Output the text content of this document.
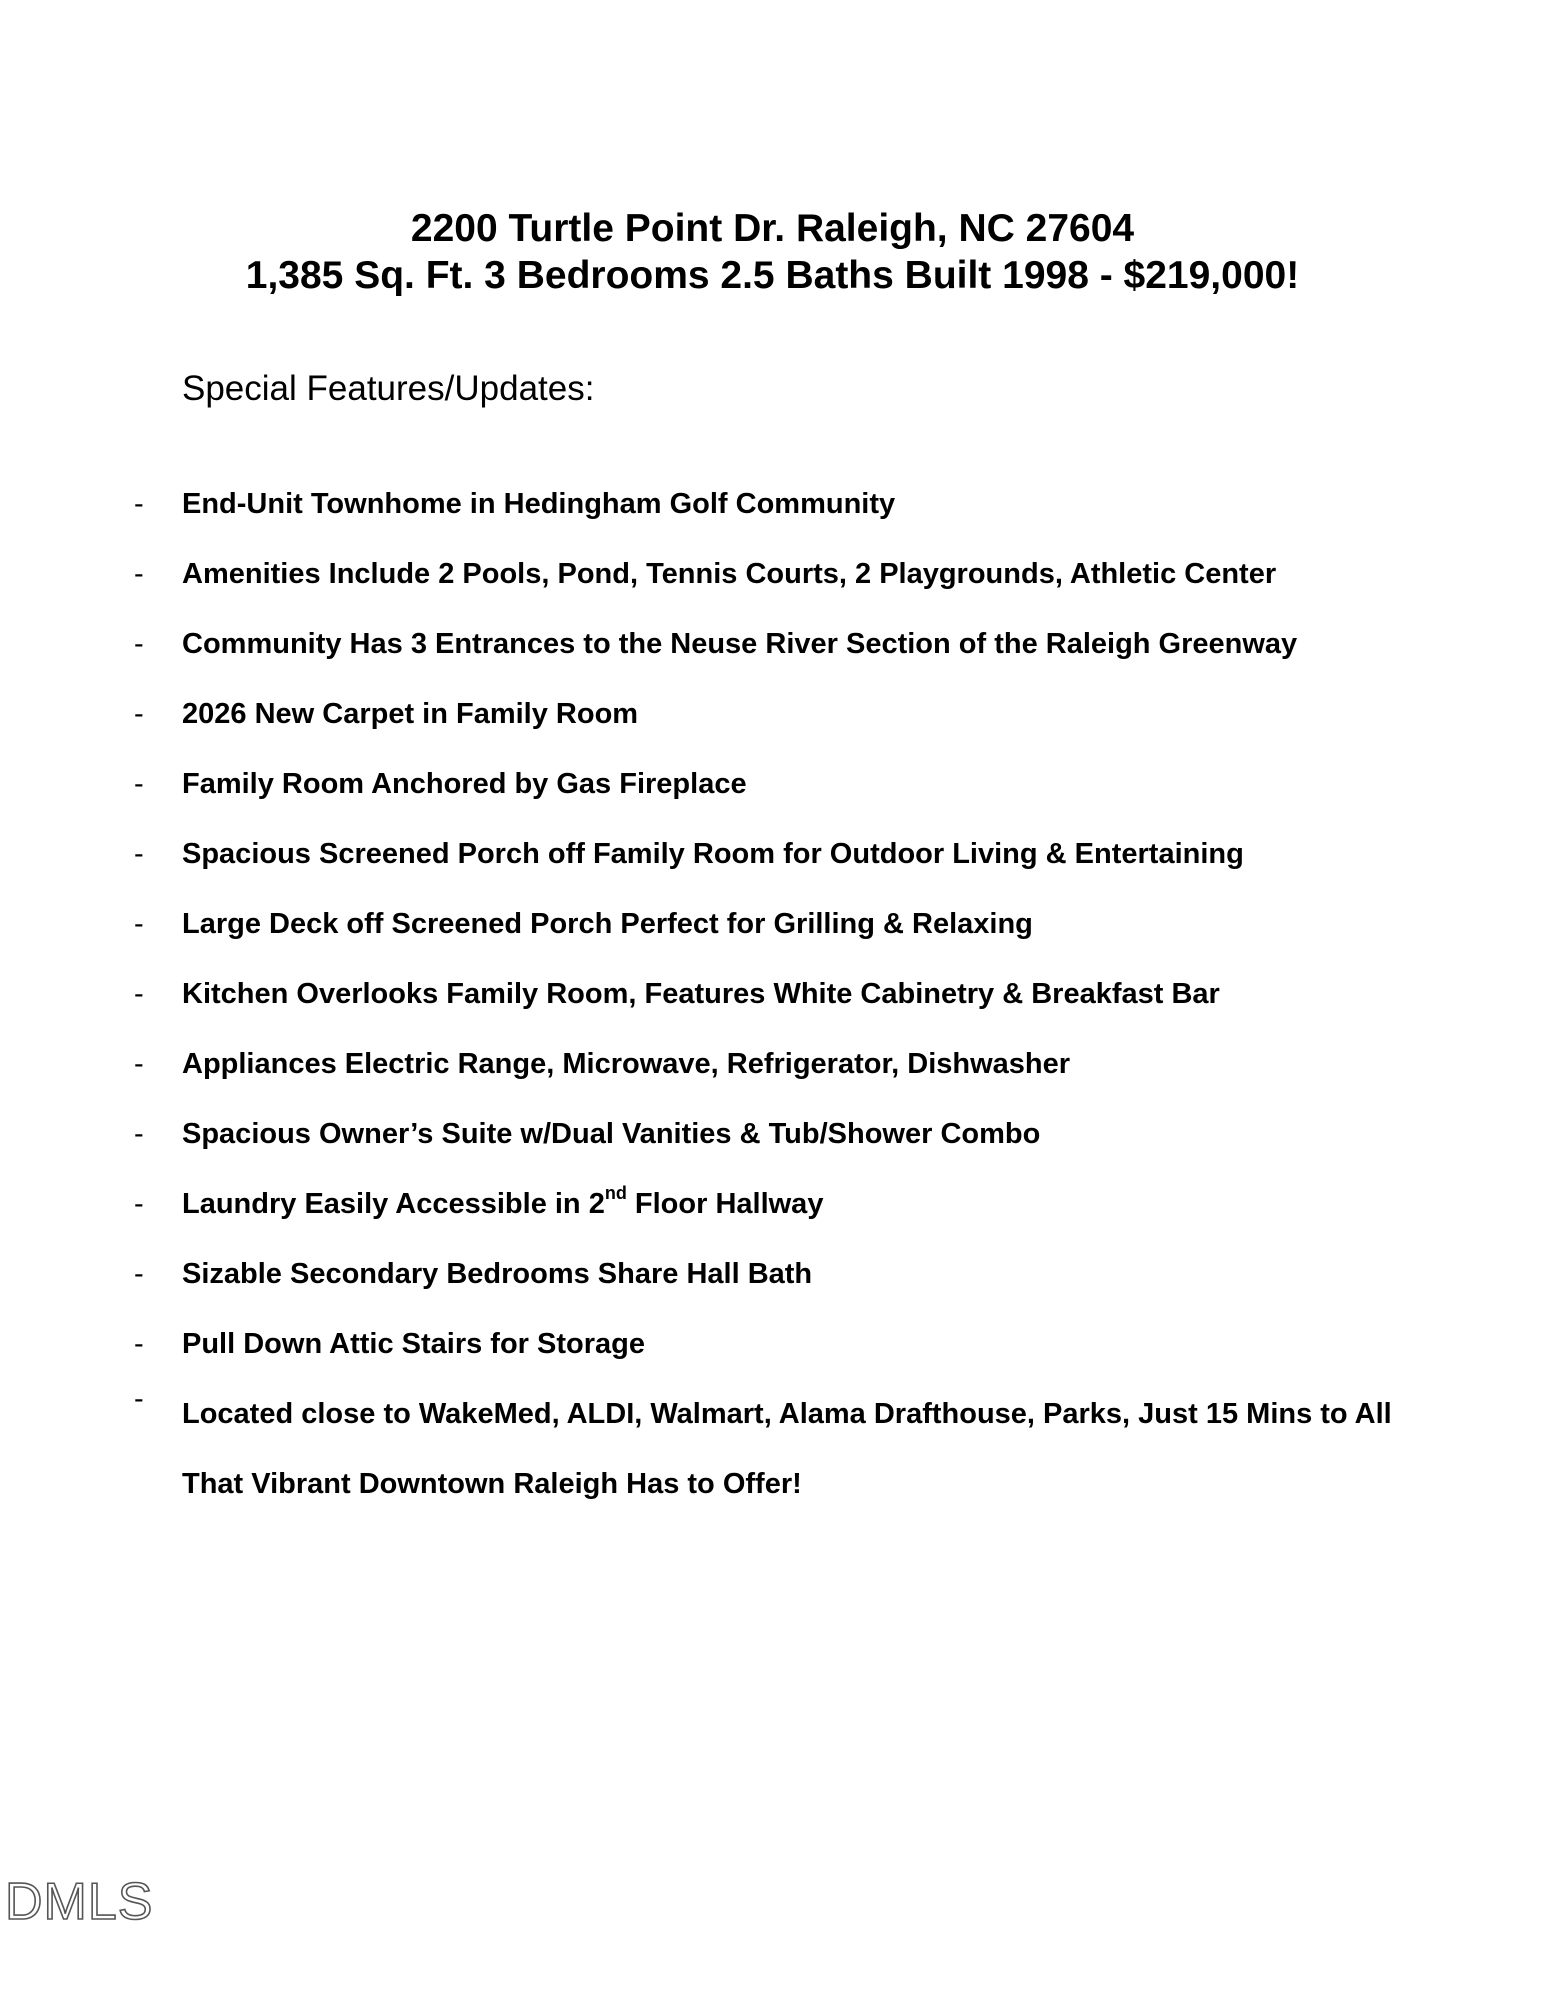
2200 Turtle Point Dr. Raleigh, NC 27604
1,385 Sq. Ft. 3 Bedrooms 2.5 Baths Built 1998 - $219,000!
Special Features/Updates:
- End-Unit Townhome in Hedingham Golf Community
- Amenities Include 2 Pools, Pond, Tennis Courts, 2 Playgrounds, Athletic Center
- Community Has 3 Entrances to the Neuse River Section of the Raleigh Greenway
- 2026 New Carpet in Family Room
- Family Room Anchored by Gas Fireplace
- Spacious Screened Porch off Family Room for Outdoor Living & Entertaining
- Large Deck off Screened Porch Perfect for Grilling & Relaxing
- Kitchen Overlooks Family Room, Features White Cabinetry & Breakfast Bar
- Appliances Electric Range, Microwave, Refrigerator, Dishwasher
- Spacious Owner’s Suite w/Dual Vanities & Tub/Shower Combo
- Laundry Easily Accessible in 2nd Floor Hallway
- Sizable Secondary Bedrooms Share Hall Bath
- Pull Down Attic Stairs for Storage
- Located close to WakeMed, ALDI, Walmart, Alama Drafthouse, Parks, Just 15 Mins to All
That Vibrant Downtown Raleigh Has to Offer!
DMLS
